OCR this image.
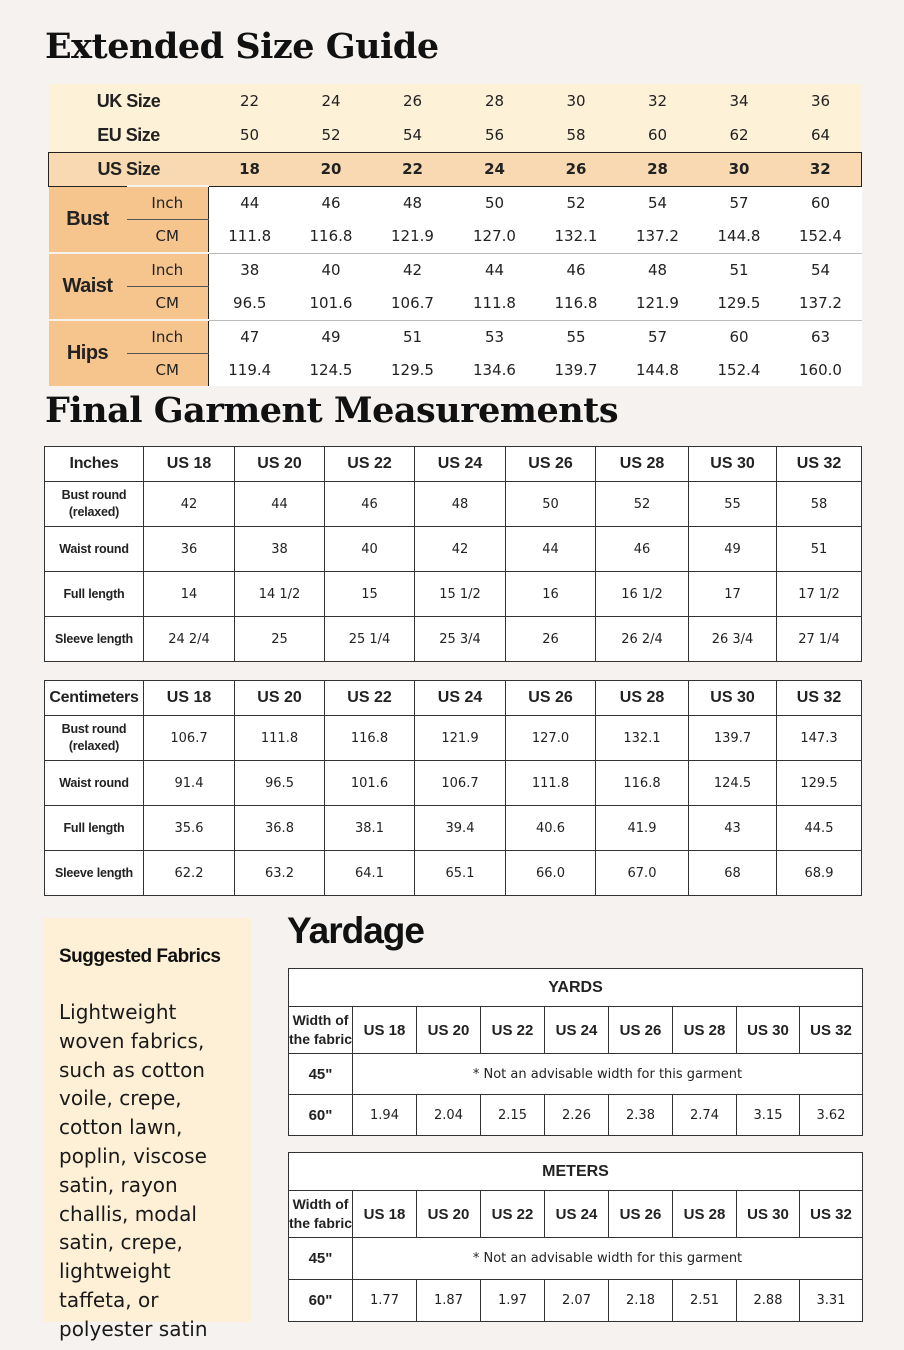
Extended Size Guide
UK Size		22	24	26	28	30	32	34	36
EU Size		50	52	54	56	58	60	62	64
US Size		18	20	22	24	26	28	30	32
Bust	Inch	44	46	48	50	52	54	57	60
	CM	111.8	116.8	121.9	127.0	132.1	137.2	144.8	152.4
Waist	Inch	38	40	42	44	46	48	51	54
	CM	96.5	101.6	106.7	111.8	116.8	121.9	129.5	137.2
Hips	Inch	47	49	51	53	55	57	60	63
	CM	119.4	124.5	129.5	134.6	139.7	144.8	152.4	160.0
Final Garment Measurements
Inches	US 18	US 20	US 22	US 24	US 26	US 28	US 30	US 32
Bust round
(relaxed)	42	44	46	48	50	52	55	58
Waist round	36	38	40	42	44	46	49	51
Full length	14	14 1/2	15	15 1/2	16	16 1/2	17	17 1/2
Sleeve length	24 2/4	25	25 1/4	25 3/4	26	26 2/4	26 3/4	27 1/4
Centimeters	US 18	US 20	US 22	US 24	US 26	US 28	US 30	US 32
Bust round
(relaxed)	106.7	111.8	116.8	121.9	127.0	132.1	139.7	147.3
Waist round	91.4	96.5	101.6	106.7	111.8	116.8	124.5	129.5
Full length	35.6	36.8	38.1	39.4	40.6	41.9	43	44.5
Sleeve length	62.2	63.2	64.1	65.1	66.0	67.0	68	68.9

Suggested Fabrics

Lightweight woven fabrics, such as cotton voile, crepe, cotton lawn, poplin, viscose satin, rayon challis, modal satin, crepe, lightweight taffeta, or polyester satin

Yardage
YARDS								
Width of
the fabric	US 18	US 20	US 22	US 24	US 26	US 28	US 30	US 32
45"	* Not an advisable width for this garment							
60"	1.94	2.04	2.15	2.26	2.38	2.74	3.15	3.62
METERS								
Width of
the fabric	US 18	US 20	US 22	US 24	US 26	US 28	US 30	US 32
45"	* Not an advisable width for this garment							
60"	1.77	1.87	1.97	2.07	2.18	2.51	2.88	3.31
